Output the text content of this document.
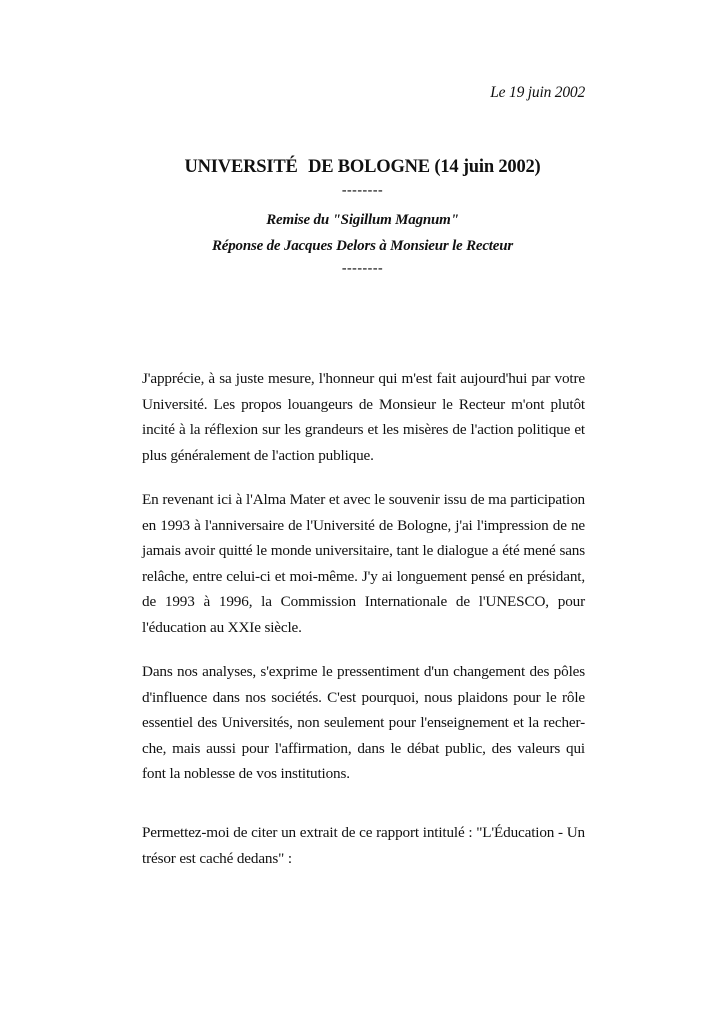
Le 19 juin 2002
UNIVERSITÉ DE BOLOGNE (14 juin 2002)
--------
Remise du "Sigillum Magnum"
Réponse de Jacques Delors à Monsieur le Recteur
--------
J'apprécie, à sa juste mesure, l'honneur qui m'est fait aujourd'hui par votre Université. Les propos louangeurs de Monsieur le Recteur m'ont plutôt incité à la réflexion sur les grandeurs et les misères de l'action politique et plus généralement de l'action publique.
En revenant ici à l'Alma Mater et avec le souvenir issu de ma participation en 1993 à l'anniversaire de l'Université de Bologne, j'ai l'impression de ne jamais avoir quitté le monde universitaire, tant le dialogue a été mené sans relâche, entre celui-ci et moi-même. J'y ai longuement pensé en présidant, de 1993 à 1996, la Commission Internationale de l'UNESCO, pour l'éducation au XXIe siècle.
Dans nos analyses, s'exprime le pressentiment d'un changement des pôles d'influence dans nos sociétés. C'est pourquoi, nous plaidons pour le rôle essentiel des Universités, non seulement pour l'enseignement et la recher-che, mais aussi pour l'affirmation, dans le débat public, des valeurs qui font la noblesse de vos institutions.
Permettez-moi de citer un extrait de ce rapport intitulé : "L'Éducation - Un trésor est caché dedans" :
